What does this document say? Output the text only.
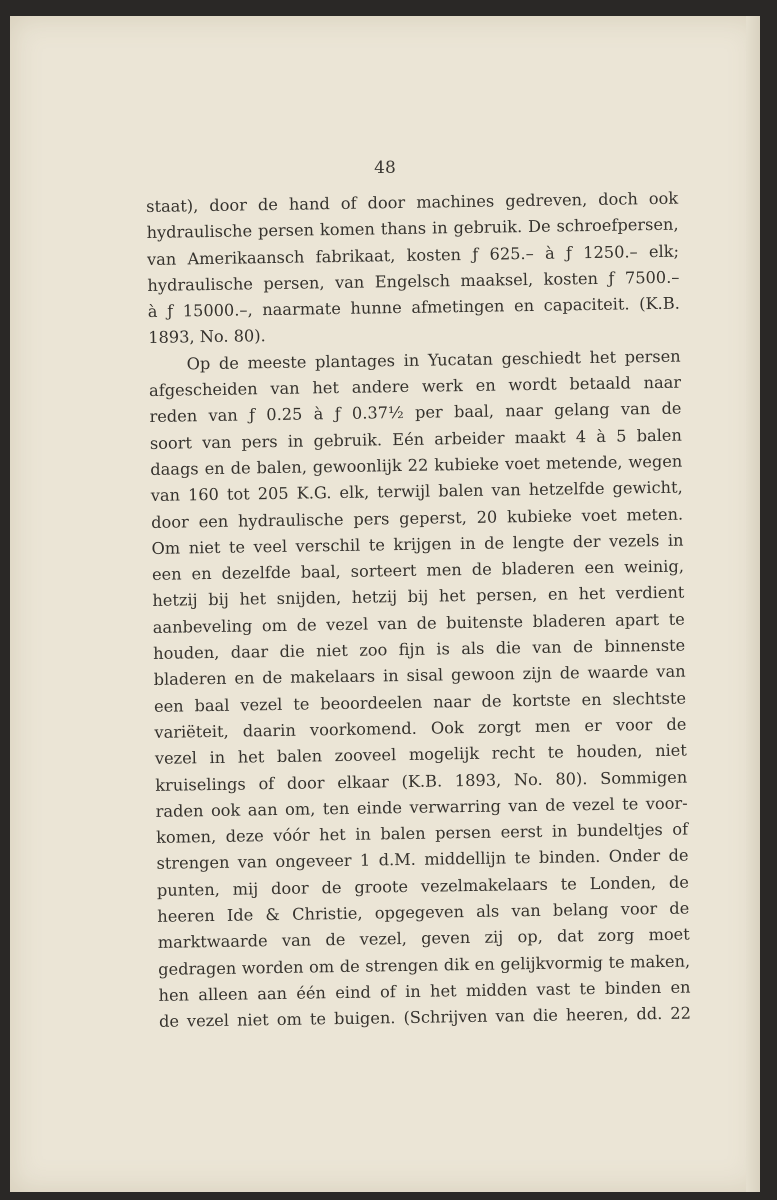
48
staat), door de hand of door machines gedreven, doch ook
hydraulische persen komen thans in gebruik. De schroefpersen,
van Amerikaansch fabrikaat, kosten ƒ 625.– à ƒ 1250.– elk;
hydraulische persen, van Engelsch maaksel, kosten ƒ 7500.–
à ƒ 15000.–, naarmate hunne afmetingen en capaciteit. (K.B.
1893, No. 80).
Op de meeste plantages in Yucatan geschiedt het persen
afgescheiden van het andere werk en wordt betaald naar
reden van ƒ 0.25 à ƒ 0.37½ per baal, naar gelang van de
soort van pers in gebruik. Eén arbeider maakt 4 à 5 balen
daags en de balen, gewoonlijk 22 kubieke voet metende, wegen
van 160 tot 205 K.G. elk, terwijl balen van hetzelfde gewicht,
door een hydraulische pers geperst, 20 kubieke voet meten.
Om niet te veel verschil te krijgen in de lengte der vezels in
een en dezelfde baal, sorteert men de bladeren een weinig,
hetzij bij het snijden, hetzij bij het persen, en het verdient
aanbeveling om de vezel van de buitenste bladeren apart te
houden, daar die niet zoo fijn is als die van de binnenste
bladeren en de makelaars in sisal gewoon zijn de waarde van
een baal vezel te beoordeelen naar de kortste en slechtste
variëteit, daarin voorkomend. Ook zorgt men er voor de
vezel in het balen zooveel mogelijk recht te houden, niet
kruiselings of door elkaar (K.B. 1893, No. 80). Sommigen
raden ook aan om, ten einde verwarring van de vezel te voor-
komen, deze vóór het in balen persen eerst in bundeltjes of
strengen van ongeveer 1 d.M. middellijn te binden. Onder de
punten, mij door de groote vezelmakelaars te Londen, de
heeren Ide & Christie, opgegeven als van belang voor de
marktwaarde van de vezel, geven zij op, dat zorg moet
gedragen worden om de strengen dik en gelijkvormig te maken,
hen alleen aan één eind of in het midden vast te binden en
de vezel niet om te buigen. (Schrijven van die heeren, dd. 22
